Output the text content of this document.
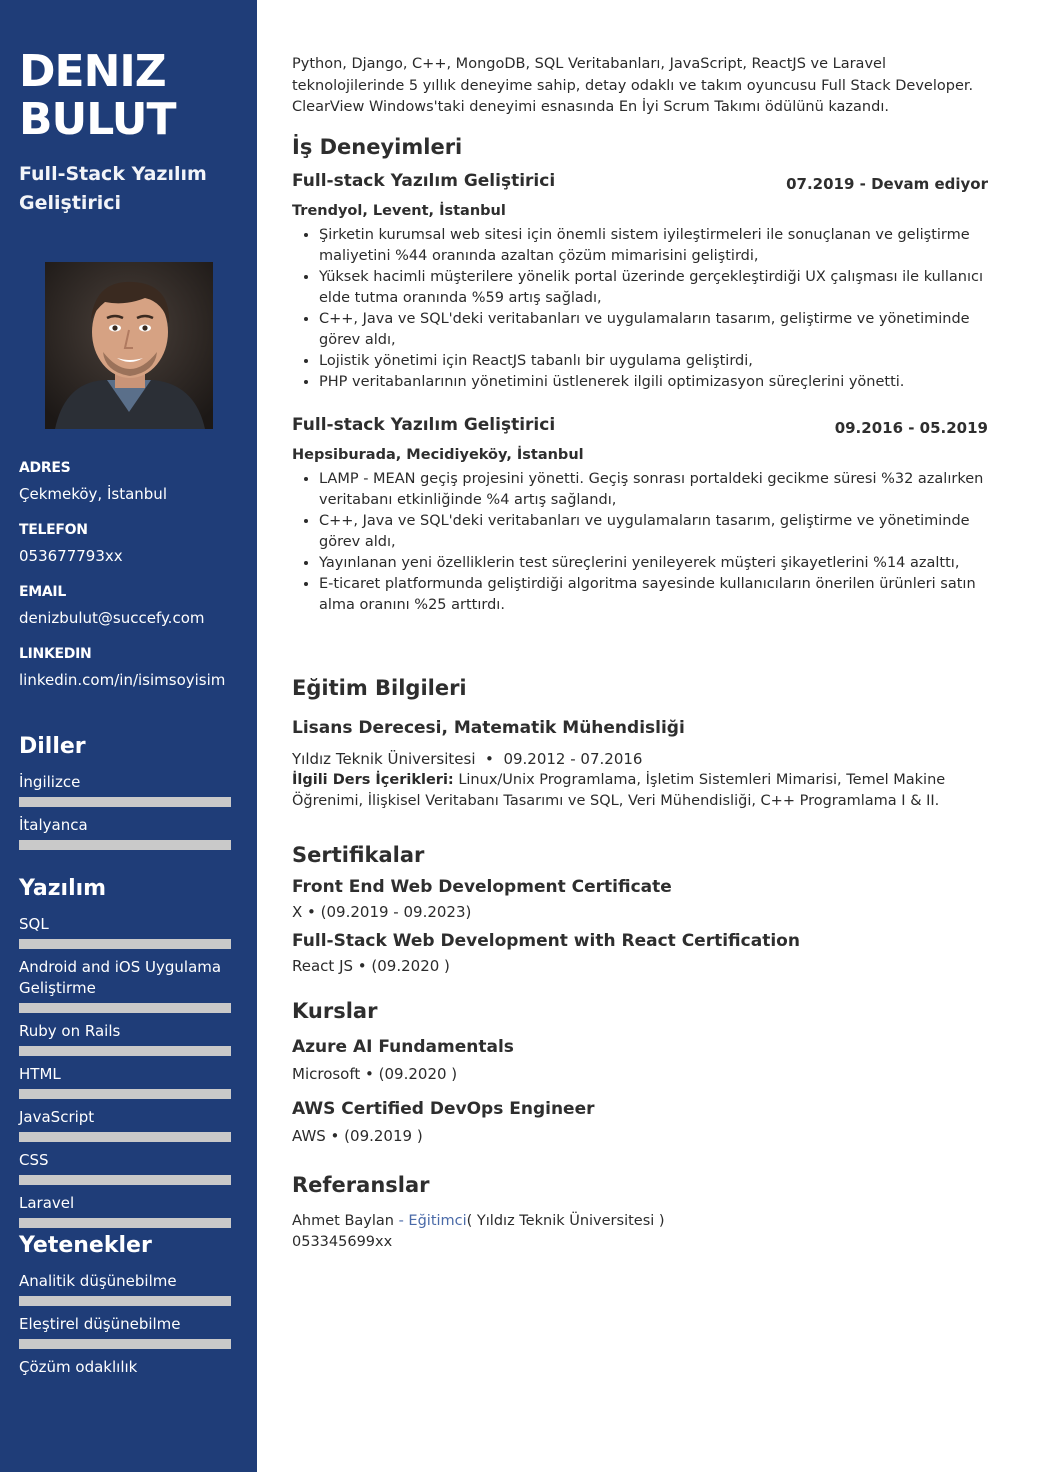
DENIZ
BULUT
Full-Stack Yazılım Geliştirici
ADRES
Çekmeköy, İstanbul
TELEFON
053677793xx
EMAIL
denizbulut@succefy.com
LINKEDIN
linkedin.com/in/isimsoyisim
Diller
İngilizce
İtalyanca
Yazılım
SQL
Android and iOS Uygulama Geliştirme
Ruby on Rails
HTML
JavaScript
CSS
Laravel
Yetenekler
Analitik düşünebilme
Eleştirel düşünebilme
Çözüm odaklılık
Python, Django, C++, MongoDB, SQL Veritabanları, JavaScript, ReactJS ve Laravel teknolojilerinde 5 yıllık deneyime sahip, detay odaklı ve takım oyuncusu Full Stack Developer. ClearView Windows'taki deneyimi esnasında En İyi Scrum Takımı ödülünü kazandı.
İş Deneyimleri
Full-stack Yazılım Geliştirici	07.2019 - Devam ediyor
Trendyol, Levent, İstanbul
• Şirketin kurumsal web sitesi için önemli sistem iyileştirmeleri ile sonuçlanan ve geliştirme maliyetini %44 oranında azaltan çözüm mimarisini geliştirdi,
• Yüksek hacimli müşterilere yönelik portal üzerinde gerçekleştirdiği UX çalışması ile kullanıcı elde tutma oranında %59 artış sağladı,
• C++, Java ve SQL'deki veritabanları ve uygulamaların tasarım, geliştirme ve yönetiminde görev aldı,
• Lojistik yönetimi için ReactJS tabanlı bir uygulama geliştirdi,
• PHP veritabanlarının yönetimini üstlenerek ilgili optimizasyon süreçlerini yönetti.
Full-stack Yazılım Geliştirici	09.2016 - 05.2019
Hepsiburada, Mecidiyeköy, İstanbul
• LAMP - MEAN geçiş projesini yönetti. Geçiş sonrası portaldeki gecikme süresi %32 azalırken veritabanı etkinliğinde %4 artış sağlandı,
• C++, Java ve SQL'deki veritabanları ve uygulamaların tasarım, geliştirme ve yönetiminde görev aldı,
• Yayınlanan yeni özelliklerin test süreçlerini yenileyerek müşteri şikayetlerini %14 azalttı,
• E-ticaret platformunda geliştirdiği algoritma sayesinde kullanıcıların önerilen ürünleri satın alma oranını %25 arttırdı.
Eğitim Bilgileri
Lisans Derecesi, Matematik Mühendisliği
Yıldız Teknik Üniversitesi  •  09.2012 - 07.2016
İlgili Ders İçerikleri: Linux/Unix Programlama, İşletim Sistemleri Mimarisi, Temel Makine Öğrenimi, İlişkisel Veritabanı Tasarımı ve SQL, Veri Mühendisliği, C++ Programlama I & II.
Sertifikalar
Front End Web Development Certificate
X • (09.2019 - 09.2023)
Full-Stack Web Development with React Certification
React JS • (09.2020 )
Kurslar
Azure AI Fundamentals
Microsoft • (09.2020 )
AWS Certified DevOps Engineer
AWS • (09.2019 )
Referanslar
Ahmet Baylan - Eğitimci( Yıldız Teknik Üniversitesi )
053345699xx
